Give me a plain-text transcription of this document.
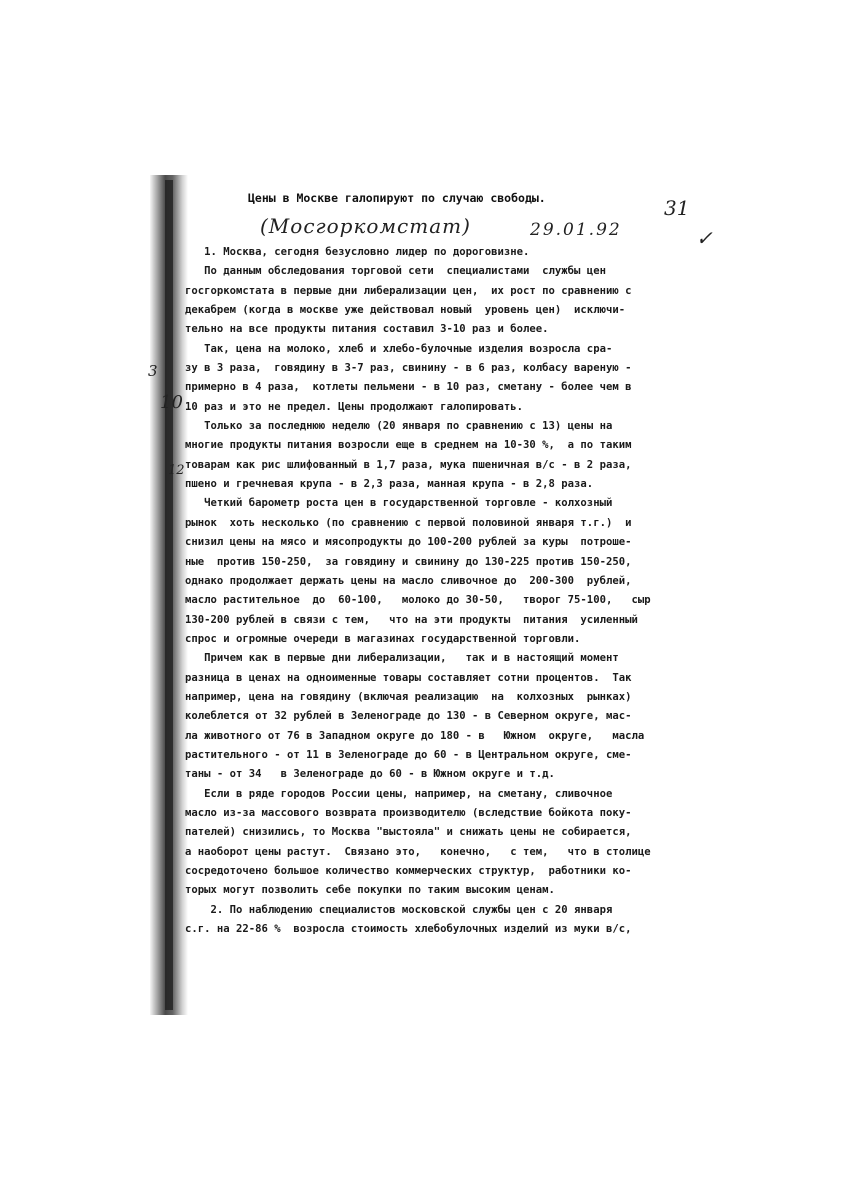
Цены в Москве галопируют по случаю свободы.
(Мосгоркомстат)	29.01.92
31
✓
3
10
12
1. Москва, сегодня безусловно лидер по дороговизне.
По данным обследования торговой сети  специалистами  службы цен
госгоркомстата в первые дни либерализации цен,  их рост по сравнению с
декабрем (когда в москве уже действовал новый  уровень цен)  исключи-
тельно на все продукты питания составил 3-10 раз и более.
Так, цена на молоко, хлеб и хлебо-булочные изделия возросла сра-
зу в 3 раза,  говядину в 3-7 раз, свинину - в 6 раз, колбасу вареную -
примерно в 4 раза,  котлеты пельмени - в 10 раз, сметану - более чем в
10 раз и это не предел. Цены продолжают галопировать.
Только за последнюю неделю (20 января по сравнению с 13) цены на
многие продукты питания возросли еще в среднем на 10-30 %,  а по таким
товарам как рис шлифованный в 1,7 раза, мука пшеничная в/с - в 2 раза,
пшено и гречневая крупа - в 2,3 раза, манная крупа - в 2,8 раза.
Четкий барометр роста цен в государственной торговле - колхозный
рынок  хоть несколько (по сравнению с первой половиной января т.г.)  и
снизил цены на мясо и мясопродукты до 100-200 рублей за куры  потроше-
ные  против 150-250,  за говядину и свинину до 130-225 против 150-250,
однако продолжает держать цены на масло сливочное до  200-300  рублей,
масло растительное  до  60-100,   молоко до 30-50,   творог 75-100,   сыр
130-200 рублей в связи с тем,   что на эти продукты  питания  усиленный
спрос и огромные очереди в магазинах государственной торговли.
Причем как в первые дни либерализации,   так и в настоящий момент
разница в ценах на одноименные товары составляет сотни процентов.  Так
например, цена на говядину (включая реализацию  на  колхозных  рынках)
колеблется от 32 рублей в Зеленограде до 130 - в Северном округе, мас-
ла животного от 76 в Западном округе до 180 - в   Южном  округе,   масла
растительного - от 11 в Зеленограде до 60 - в Центральном округе, сме-
таны - от 34   в Зеленограде до 60 - в Южном округе и т.д.
Если в ряде городов России цены, например, на сметану, сливочное
масло из-за массового возврата производителю (вследствие бойкота поку-
пателей) снизились, то Москва "выстояла" и снижать цены не собирается,
а наоборот цены растут.  Связано это,   конечно,   с тем,   что в столице
сосредоточено большое количество коммерческих структур,  работники ко-
торых могут позволить себе покупки по таким высоким ценам.
2. По наблюдению специалистов московской службы цен с 20 января
с.г. на 22-86 %  возросла стоимость хлебобулочных изделий из муки в/с,
